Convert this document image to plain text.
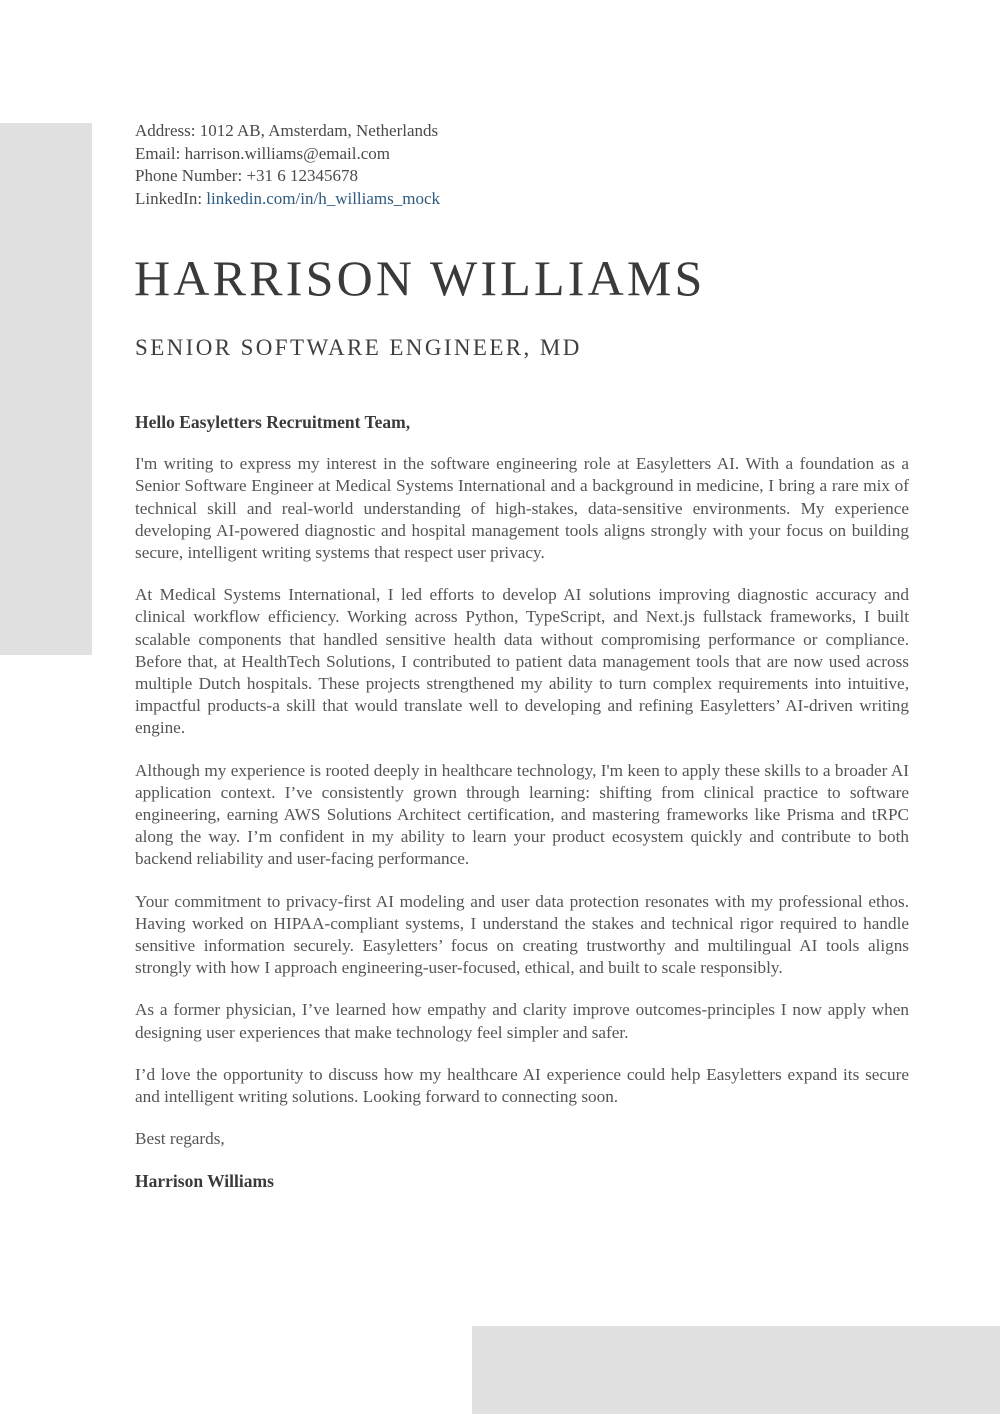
Address: 1012 AB, Amsterdam, Netherlands
Email: harrison.williams@email.com
Phone Number: +31 6 12345678
LinkedIn: linkedin.com/in/h_williams_mock
HARRISON WILLIAMS
SENIOR SOFTWARE ENGINEER, MD

Hello Easyletters Recruitment Team,

I'm writing to express my interest in the software engineering role at Easyletters AI. With a foundation as a Senior Software Engineer at Medical Systems International and a background in medicine, I bring a rare mix of technical skill and real-world understanding of high-stakes, data-sensitive environments. My experience developing AI-powered diagnostic and hospital management tools aligns strongly with your focus on building secure, intelligent writing systems that respect user privacy.

At Medical Systems International, I led efforts to develop AI solutions improving diagnostic accuracy and clinical workflow efficiency. Working across Python, TypeScript, and Next.js fullstack frameworks, I built scalable components that handled sensitive health data without compromising performance or compliance. Before that, at HealthTech Solutions, I contributed to patient data management tools that are now used across multiple Dutch hospitals. These projects strengthened my ability to turn complex requirements into intuitive, impactful products-a skill that would translate well to developing and refining Easyletters’ AI-driven writing engine.

Although my experience is rooted deeply in healthcare technology, I'm keen to apply these skills to a broader AI application context. I’ve consistently grown through learning: shifting from clinical practice to software engineering, earning AWS Solutions Architect certification, and mastering frameworks like Prisma and tRPC along the way. I’m confident in my ability to learn your product ecosystem quickly and contribute to both backend reliability and user-facing performance.

Your commitment to privacy-first AI modeling and user data protection resonates with my professional ethos. Having worked on HIPAA-compliant systems, I understand the stakes and technical rigor required to handle sensitive information securely. Easyletters’ focus on creating trustworthy and multilingual AI tools aligns strongly with how I approach engineering-user-focused, ethical, and built to scale responsibly.

As a former physician, I’ve learned how empathy and clarity improve outcomes-principles I now apply when designing user experiences that make technology feel simpler and safer.

I’d love the opportunity to discuss how my healthcare AI experience could help Easyletters expand its secure and intelligent writing solutions. Looking forward to connecting soon.

Best regards,

Harrison Williams
